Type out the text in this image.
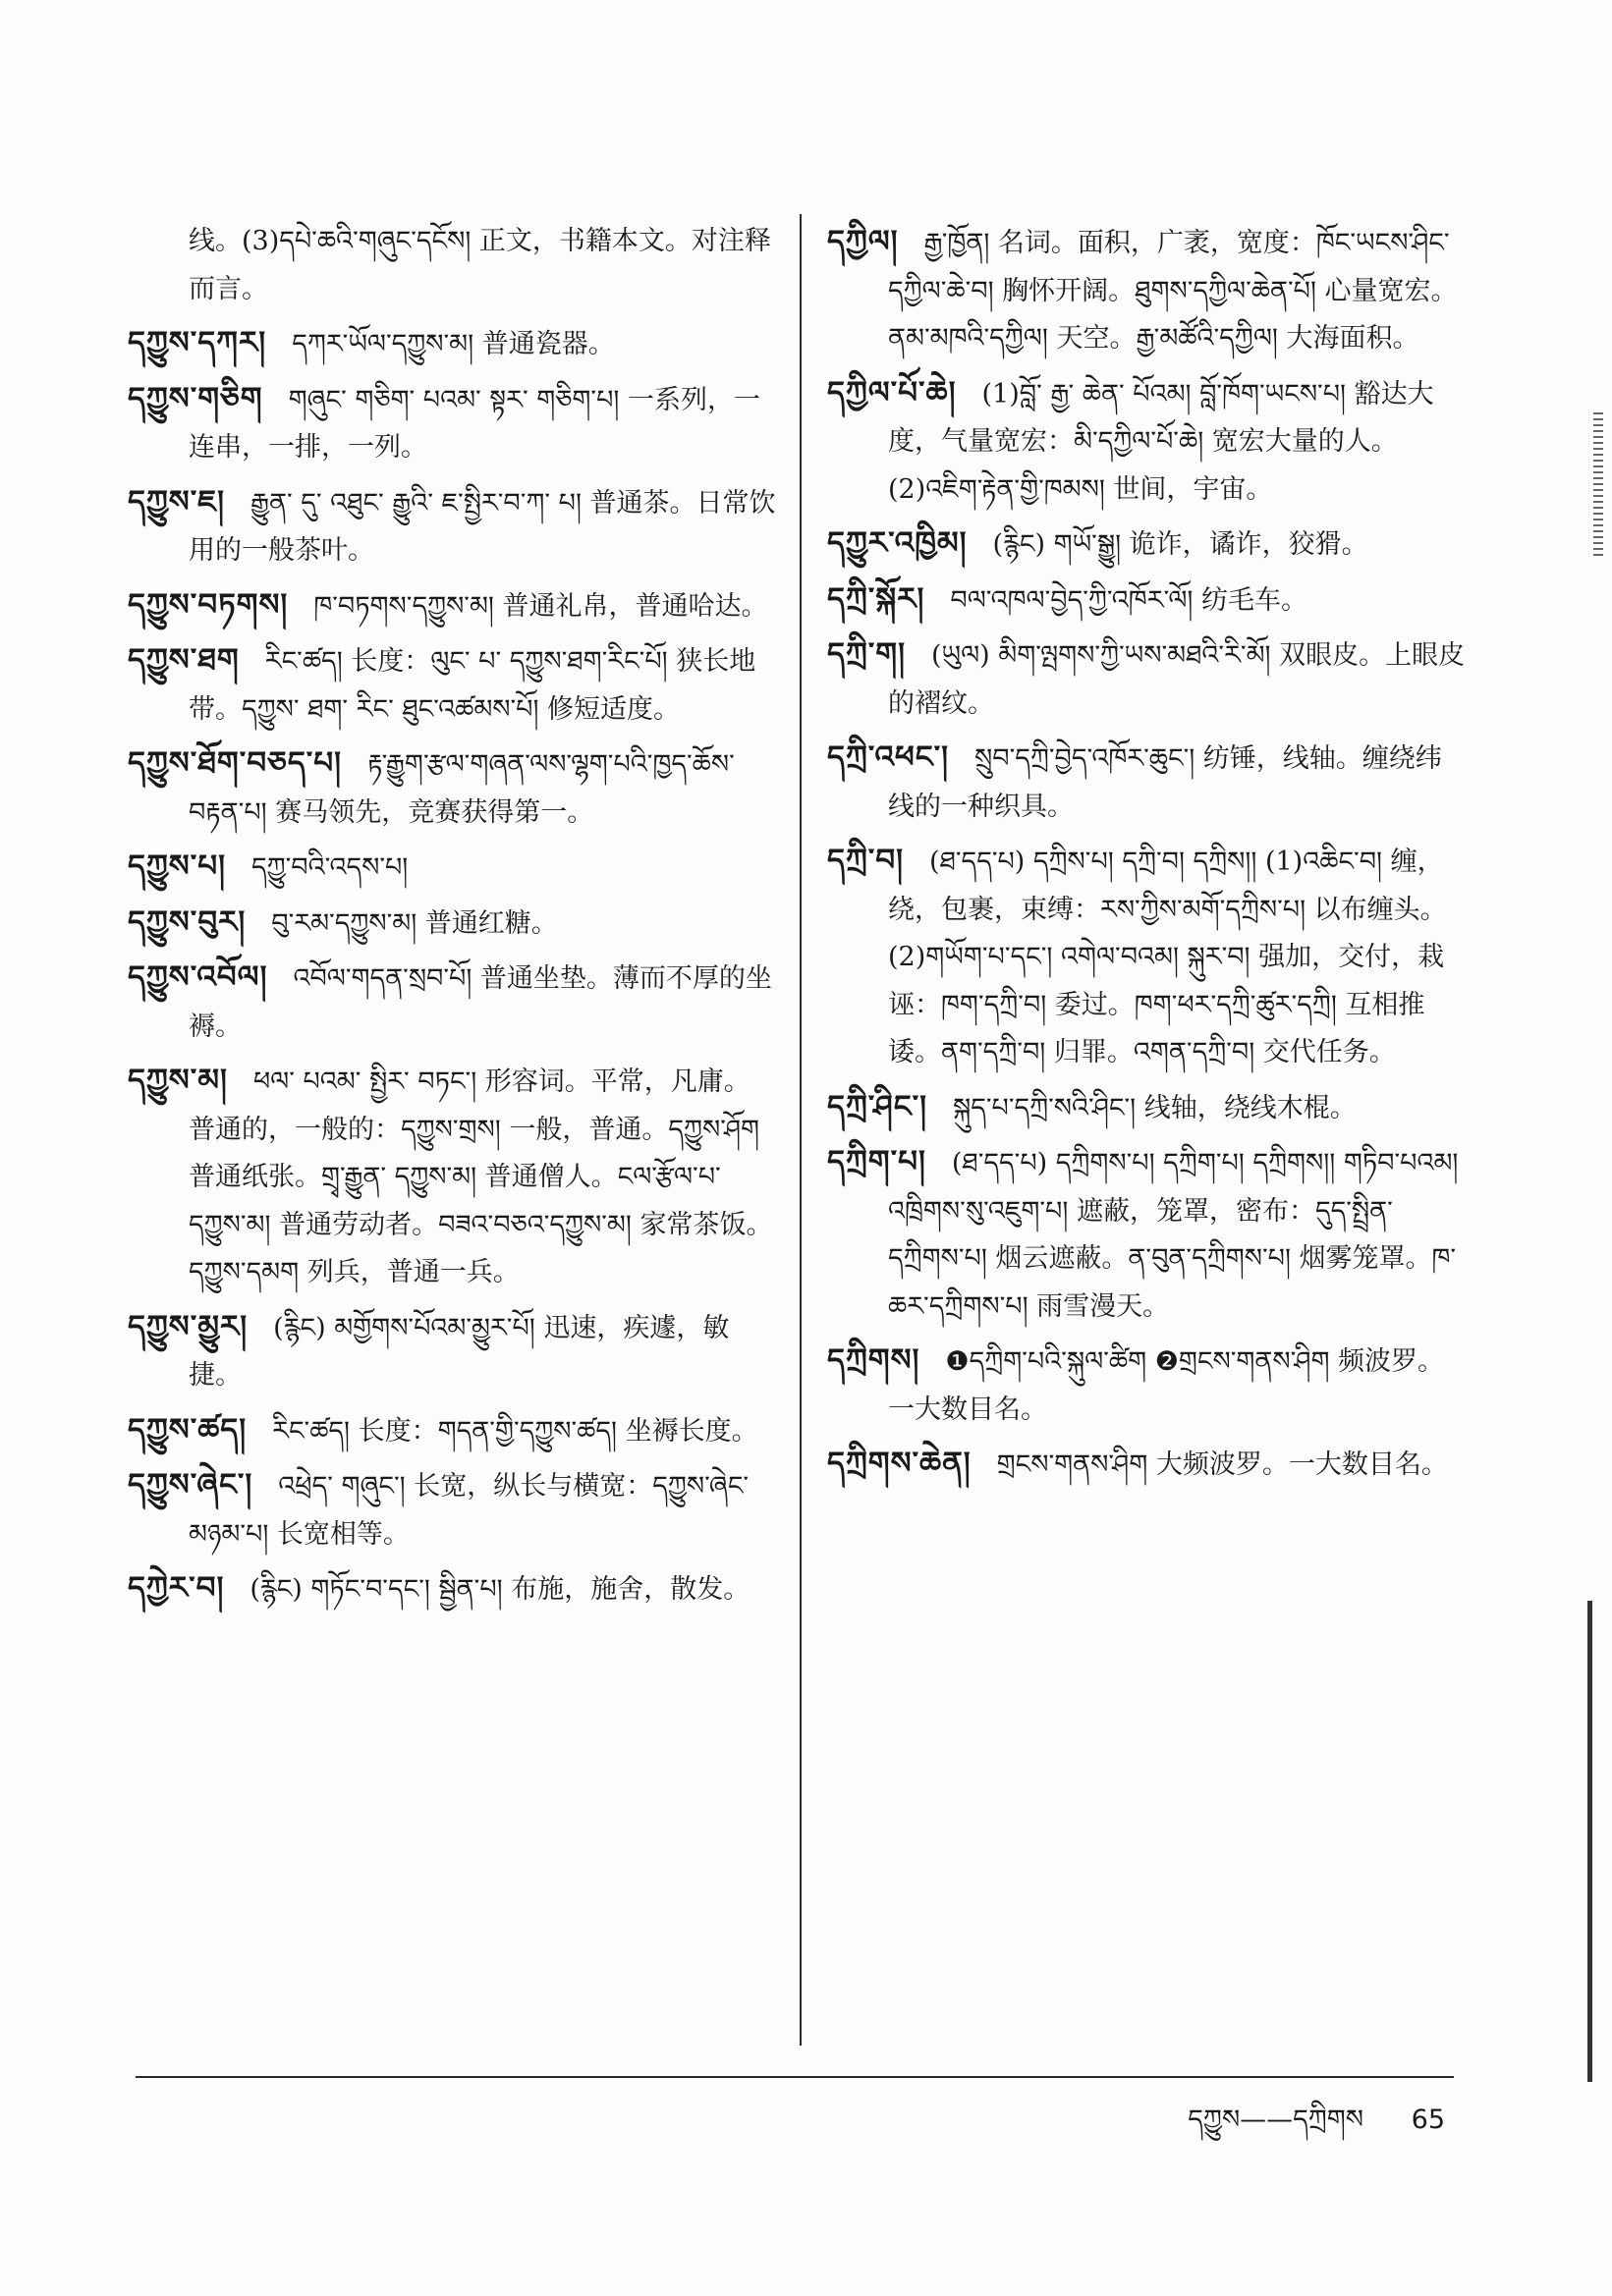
线。(3)དཔེ་ཆའི་གཞུང་དངོས། 正文，书籍本文。对注释而言。

དཀྱུས་དཀར། དཀར་ཡོལ་དཀྱུས་མ། 普通瓷器。

དཀྱུས་གཅིག གཞུང་ གཅིག་ པའམ་ སྟར་ གཅིག་པ། 一系列，一连串，一排，一列。

དཀྱུས་ཇ། རྒྱུན་ དུ་ འཐུང་ རྒྱུའི་ ཇ་སྤྱིར་བ་ཀ་ པ། 普通茶。日常饮用的一般茶叶。

དཀྱུས་བཏགས། ཁ་བཏགས་དཀྱུས་མ། 普通礼帛，普通哈达。

དཀྱུས་ཐག རིང་ཚད། 长度：ལུང་ པ་ དཀྱུས་ཐག་རིང་པོ། 狭长地带。དཀྱུས་ ཐག་ རིང་ ཐུང་འཚམས་པོ། 修短适度。

དཀྱུས་ཐོག་བཅད་པ། རྟ་རྒྱུག་རྩལ་གཞན་ལས་ལྷག་པའི་ཁྱད་ཆོས་བརྟན་པ། 赛马领先，竞赛获得第一。

དཀྱུས་པ། དཀྱུ་བའི་འདས་པ།

དཀྱུས་བུར། བུ་རམ་དཀྱུས་མ། 普通红糖。

དཀྱུས་འབོལ། འབོལ་གདན་སྲབ་པོ། 普通坐垫。薄而不厚的坐褥。

དཀྱུས་མ། ཕལ་ པའམ་ སྤྱིར་ བཏང་། 形容词。平常，凡庸。普通的，一般的：དཀྱུས་གྲས། 一般，普通。དཀྱུས་ཤོག 普通纸张。གྲྭ་རྒྱུན་ དཀྱུས་མ། 普通僧人。ངལ་རྩོལ་པ་དཀྱུས་མ། 普通劳动者。བཟའ་བཅའ་དཀྱུས་མ། 家常茶饭。དཀྱུས་དམག 列兵，普通一兵。

དཀྱུས་མྱུར། (རྙིང) མགྱོགས་པོའམ་མྱུར་པོ། 迅速，疾遽，敏捷。

དཀྱུས་ཚད། རིང་ཚད། 长度：གདན་གྱི་དཀྱུས་ཚད། 坐褥长度。

དཀྱུས་ཞེང་། འཕྲེད་ གཞུང་། 长宽，纵长与横宽：དཀྱུས་ཞེང་མཉམ་པ། 长宽相等。

དཀྱེར་བ། (རྙིང) གཏོང་བ་དང་། སྦྱིན་པ། 布施，施舍，散发。

དཀྱིལ། རྒྱ་ཁྱོན། 名词。面积，广袤，宽度：ཁོང་ཡངས་ཤིང་དཀྱིལ་ཆེ་བ། 胸怀开阔。ཐུགས་དཀྱིལ་ཆེན་པོ། 心量宽宏。ནམ་མཁའི་དཀྱིལ། 天空。རྒྱ་མཚོའི་དཀྱིལ། 大海面积。

དཀྱིལ་པོ་ཆེ། (1)བློ་ རྒྱ་ ཆེན་ པོའམ། བློ་ཁོག་ཡངས་པ། 豁达大度，气量宽宏：མི་དཀྱིལ་པོ་ཆེ། 宽宏大量的人。(2)འཇིག་རྟེན་གྱི་ཁམས། 世间，宇宙。

དཀྱུར་འཁྱིམ། (རྙིང) གཡོ་སྒྱུ། 诡诈，谲诈，狡猾。

དཀྲི་སྐོར། བལ་འཁལ་བྱེད་ཀྱི་འཁོར་ལོ། 纺毛车。

དཀྲི་ག། (ཡུལ) མིག་ལྤགས་ཀྱི་ཡས་མཐའི་རི་མོ། 双眼皮。上眼皮的褶纹。

དཀྲི་འཕང་། སྲུབ་དཀྲི་བྱེད་འཁོར་ཆུང་། 纺锤，线轴。缠绕纬线的一种织具。

དཀྲི་བ། (ཐ་དད་པ) དཀྲིས་པ། དཀྲི་བ། དཀྲིས།། (1)འཆིང་བ། 缠，绕，包裹，束缚：རས་ཀྱིས་མགོ་དཀྲིས་པ། 以布缠头。(2)གཡོག་པ་དང་། འགེལ་བའམ། སྐུར་བ། 强加，交付，栽诬：ཁག་དཀྲི་བ། 委过。ཁག་ཕར་དཀྲི་ཚུར་དཀྲི། 互相推诿。ནག་དཀྲི་བ། 归罪。འགན་དཀྲི་བ། 交代任务。

དཀྲི་ཤིང་། སྐུད་པ་དཀྲི་སའི་ཤིང་། 线轴，绕线木棍。

དཀྲིག་པ། (ཐ་དད་པ) དཀྲིགས་པ། དཀྲིག་པ། དཀྲིགས།། གཏིབ་པའམ། འཁྲིགས་སུ་འཇུག་པ། 遮蔽，笼罩，密布：དུད་སྤྲིན་དཀྲིགས་པ། 烟云遮蔽。ན་བུན་དཀྲིགས་པ། 烟雾笼罩。ཁ་ཆར་དཀྲིགས་པ། 雨雪漫天。

དཀྲིགས། ❶དཀྲིག་པའི་སྐུལ་ཚིག ❷གྲངས་གནས་ཤིག 频波罗。一大数目名。

དཀྲིགས་ཆེན། གྲངས་གནས་ཤིག 大频波罗。一大数目名。

དཀྱུས——དཀྲིགས 65
